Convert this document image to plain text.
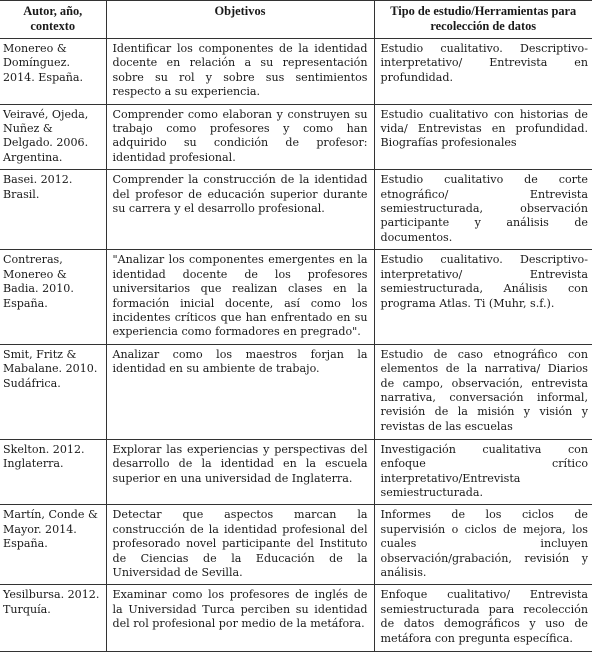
Autor, año, contexto	Objetivos	Tipo de estudio/Herramientas para recolección de datos
Monereo & Domínguez. 2014. España.	Identificar los componentes de la identidad docente en relación a su representación sobre su rol y sobre sus sentimientos respecto a su experiencia.	Estudio cualitativo. Descriptivo-interpretativo/ Entrevista en profundidad.
Veiravé, Ojeda, Nuñez & Delgado. 2006. Argentina.	Comprender como elaboran y construyen su trabajo como profesores y como han adquirido su condición de profesor: identidad profesional.	Estudio cualitativo con historias de vida/ Entrevistas en profundidad. Biografías profesionales
Basei. 2012. Brasil.	Comprender la construcción de la identidad del profesor de educación superior durante su carrera y el desarrollo profesional.	Estudio cualitativo de corte etnográfico/ Entrevista semiestructurada, observación participante y análisis de documentos.
Contreras, Monereo & Badia. 2010. España.	"Analizar los componentes emergentes en la identidad docente de los profesores universitarios que realizan clases en la formación inicial docente, así como los incidentes críticos que han enfrentado en su experiencia como formadores en pregrado".	Estudio cualitativo. Descriptivo-interpretativo/ Entrevista semiestructurada, Análisis con programa Atlas. Ti (Muhr, s.f.).
Smit, Fritz & Mabalane. 2010. Sudáfrica.	Analizar como los maestros forjan la identidad en su ambiente de trabajo.	Estudio de caso etnográfico con elementos de la narrativa/ Diarios de campo, observación, entrevista narrativa, conversación informal, revisión de la misión y visión y revistas de las escuelas
Skelton. 2012. Inglaterra.	Explorar las experiencias y perspectivas del desarrollo de la identidad en la escuela superior en una universidad de Inglaterra.	Investigación cualitativa con enfoque crítico interpretativo/Entrevista semiestructurada.
Martín, Conde & Mayor. 2014. España.	Detectar que aspectos marcan la construcción de la identidad profesional del profesorado novel participante del Instituto de Ciencias de la Educación de la Universidad de Sevilla.	Informes de los ciclos de supervisión o ciclos de mejora, los cuales incluyen observación/grabación, revisión y análisis.
Yesilbursa. 2012. Turquía.	Examinar como los profesores de inglés de la Universidad Turca perciben su identidad del rol profesional por medio de la metáfora.	Enfoque cualitativo/ Entrevista semiestructurada para recolección de datos demográficos y uso de metáfora con pregunta específica.
